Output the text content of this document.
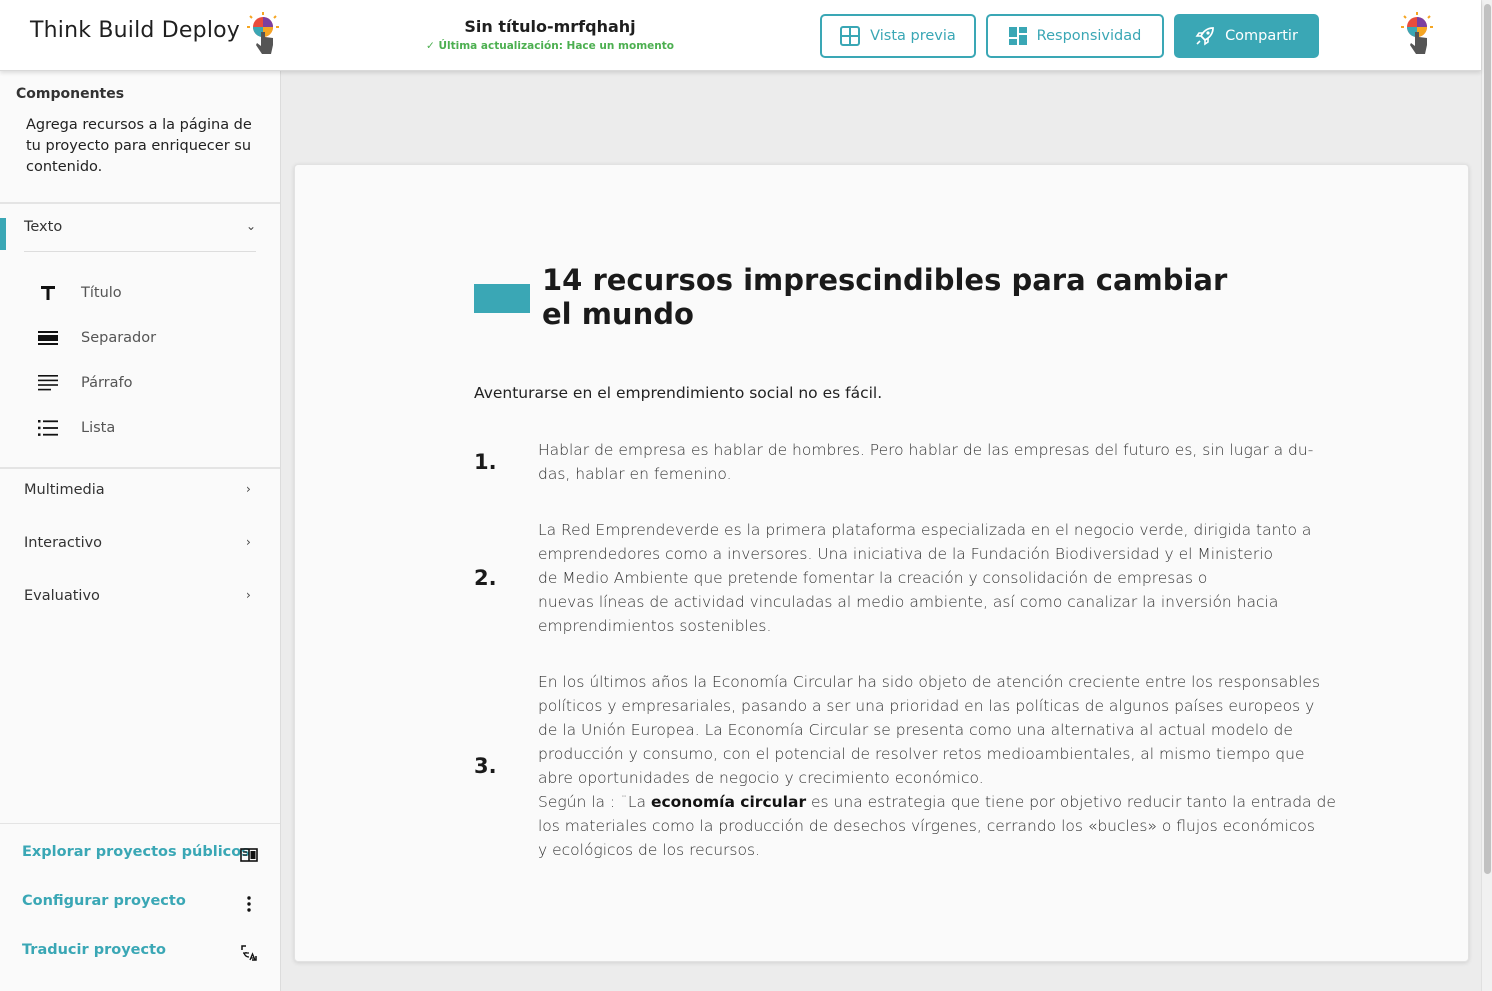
Think Build Deploy	Sin título-mrfqhahj
✓ Última actualización: Hace un momento
Vista previa	Responsividad	Compartir
Componentes
Agrega recursos a la página de tu proyecto para enriquecer su contenido.
Texto	⌄
Título
Separador
Párrafo
Lista
Multimedia	›
Interactivo	›
Evaluativo	›
Explorar proyectos públicos
Configurar proyecto
Traducir proyecto
14 recursos imprescindibles para cambiar el mundo
Aventurarse en el emprendimiento social no es fácil.
1.	Hablar de empresa es hablar de hombres. Pero hablar de las empresas del futuro es, sin lugar a du-
das, hablar en femenino.
2.
La Red Emprendeverde es la primera plataforma especializada en el negocio verde, dirigida tanto a
emprendedores como a inversores. Una iniciativa de la Fundación Biodiversidad y el Ministerio
de Medio Ambiente que pretende fomentar la creación y consolidación de empresas o
nuevas líneas de actividad vinculadas al medio ambiente, así como canalizar la inversión hacia
emprendimientos sostenibles.
3.
En los últimos años la Economía Circular ha sido objeto de atención creciente entre los responsables
políticos y empresariales, pasando a ser una prioridad en las políticas de algunos países europeos y
de la Unión Europea. La Economía Circular se presenta como una alternativa al actual modelo de
producción y consumo, con el potencial de resolver retos medioambientales, al mismo tiempo que
abre oportunidades de negocio y crecimiento económico.
Según la : ¨La economía circular es una estrategia que tiene por objetivo reducir tanto la entrada de
los materiales como la producción de desechos vírgenes, cerrando los «bucles» o flujos económicos
y ecológicos de los recursos.
